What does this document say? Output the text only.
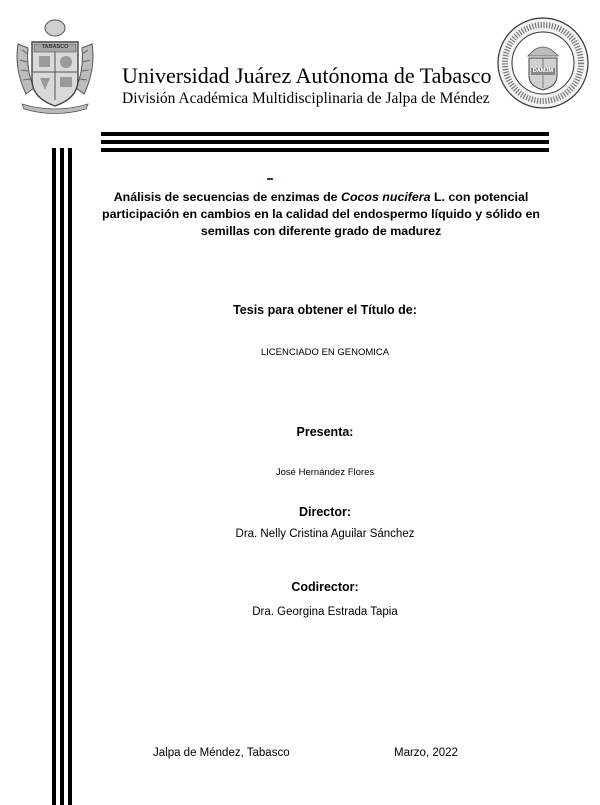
TABASCO
Universidad Juárez Autónoma de Tabasco
División Académica Multidisciplinaria de Jalpa de Méndez
DAMJM
Análisis de secuencias de enzimas de Cocos nucifera L. con potencial participación en cambios en la calidad del endospermo líquido y sólido en semillas con diferente grado de madurez
Tesis para obtener el Título de:
LICENCIADO EN GENOMICA
Presenta:
José Hernández Flores
Director:
Dra. Nelly Cristina Aguilar Sánchez
Codirector:
Dra. Georgina Estrada Tapia
Jalpa de Méndez, Tabasco	Marzo, 2022
